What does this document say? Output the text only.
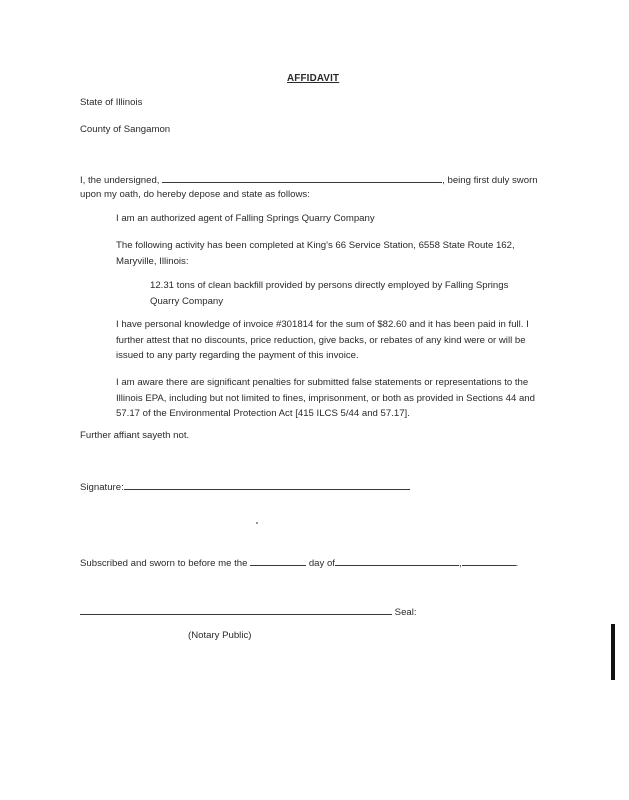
AFFIDAVIT
State of Illinois
County of Sangamon
I, the undersigned,	, being first duly sworn
upon my oath, do hereby depose and state as follows:
I am an authorized agent of Falling Springs Quarry Company
The following activity has been completed at King's 66 Service Station, 6558 State Route 162, Maryville, Illinois:
12.31 tons of clean backfill provided by persons directly employed by Falling Springs Quarry Company
I have personal knowledge of invoice #301814 for the sum of $82.60 and it has been paid in full. I further attest that no discounts, price reduction, give backs, or rebates of any kind were or will be issued to any party regarding the payment of this invoice.
I am aware there are significant penalties for submitted false statements or representations to the Illinois EPA, including but not limited to fines, imprisonment, or both as provided in Sections 44 and 57.17 of the Environmental Protection Act [415 ILCS 5/44 and 57.17].
Further affiant sayeth not.
Signature:
Subscribed and sworn to before me the	day of	,	.
Seal:
(Notary Public)
